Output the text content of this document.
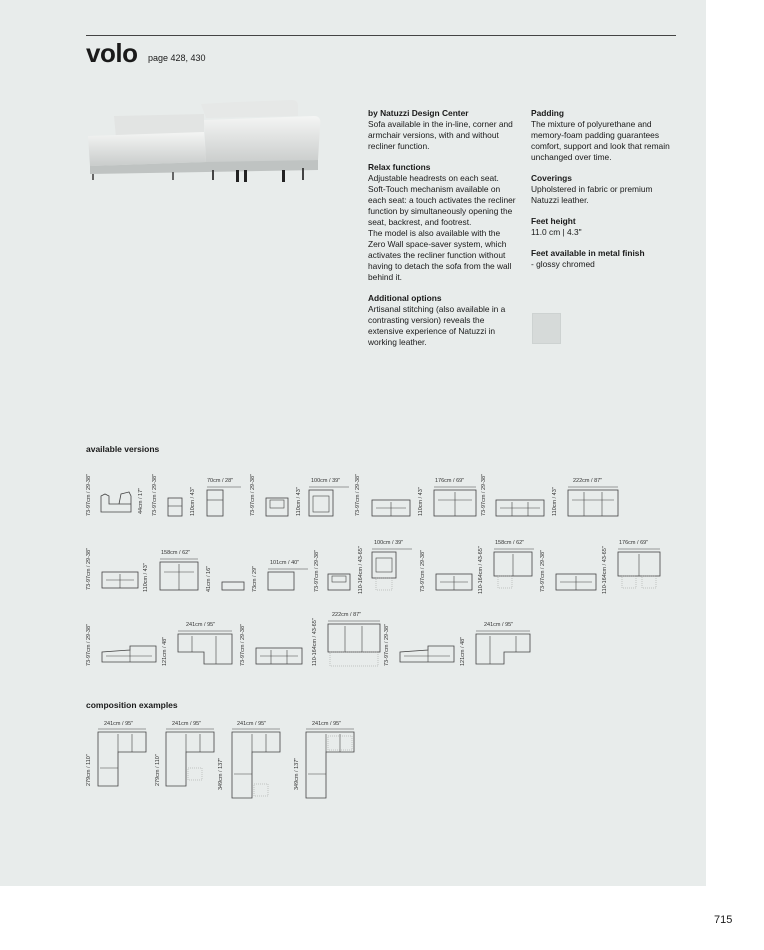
volo page 428, 430
by Natuzzi Design Center

Sofa available in the in-line, corner and armchair versions, with and without recliner function.

Relax functions

Adjustable headrests on each seat. Soft-Touch mechanism available on each seat: a touch activates the recliner function by simultaneously opening the seat, backrest, and footrest.

The model is also available with the Zero Wall space-saver system, which activates the recliner function without having to detach the sofa from the wall behind it.

Additional options

Artisanal stitching (also available in a contrasting version) reveals the extensive experience of Natuzzi in working leather.

Padding

The mixture of polyurethane and memory-foam padding guarantees comfort, support and look that remain unchanged over time.

Coverings

Upholstered in fabric or premium Natuzzi leather.

Feet height

11.0 cm | 4.3"

Feet available in metal finish

- glossy chromed

available versions
73-97cm / 29-38"	44cm / 17" 73-97cm / 29-38"	110cm / 43"
70cm / 28"	73-97cm / 29-38"	110cm / 43"
100cm / 39"	73-97cm / 29-38"	110cm / 43"
176cm / 69"	73-97cm / 29-38"	110cm / 43"
222cm / 87"
73-97cm / 29-38"	110cm / 43"
158cm / 62"
41cm / 16"	73cm / 29"
101cm / 40"	73-97cm / 29-38"	110-164cm / 43-65"
100cm / 39"
73-97cm / 29-38"	110-164cm / 43-65"
158cm / 62"
73-97cm / 29-38"	110-164cm / 43-65"
176cm / 69"
73-97cm / 29-38"	121cm / 48"
241cm / 95"	73-97cm / 29-38"	110-164cm / 43-65"
222cm / 87"
73-97cm / 29-38"	121cm / 48"
241cm / 95"
composition examples
241cm / 95"
279cm / 110"
241cm / 95"
279cm / 110"
241cm / 95"
349cm / 137"
241cm / 95"
349cm / 137"
715
